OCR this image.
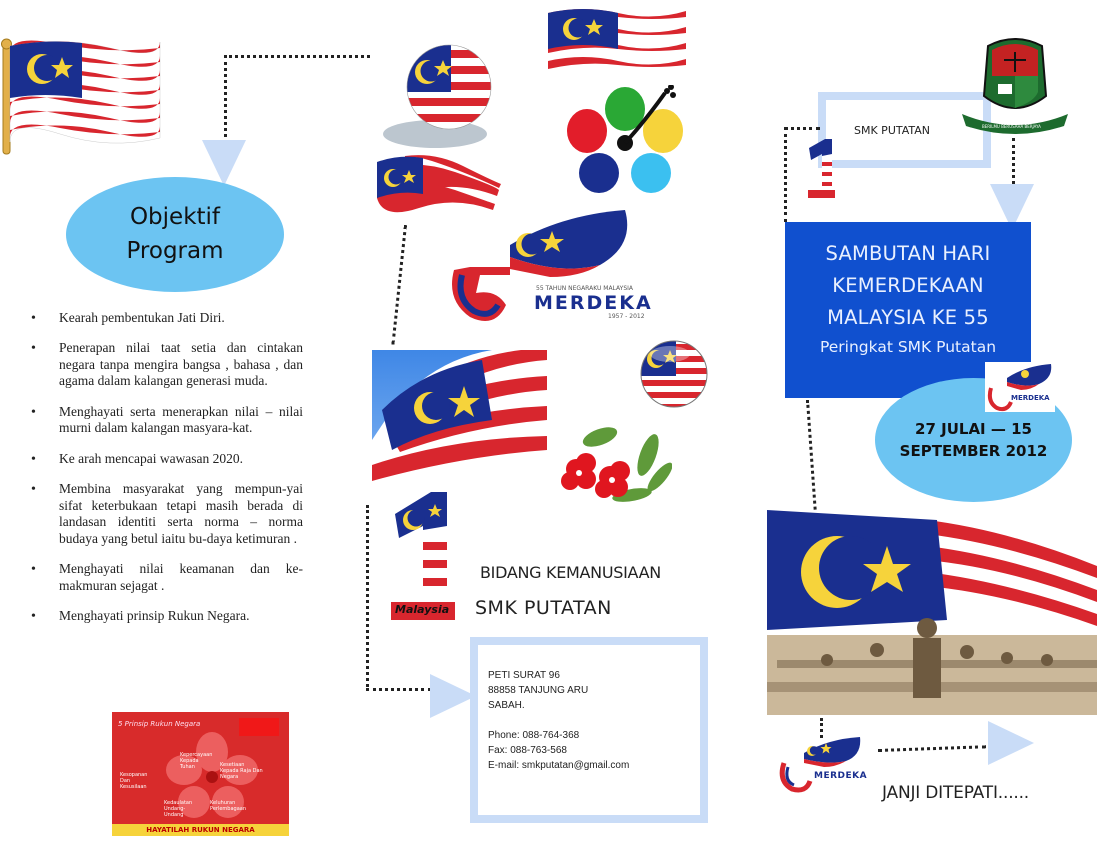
Objektif
Program
• Kearah pembentukan Jati Diri.
• Penerapan nilai taat setia dan cintakan negara tanpa mengira bangsa , bahasa , dan agama dalam kalangan generasi muda.
• Menghayati serta menerapkan nilai – nilai murni dalam kalangan masyara-kat.
• Ke arah mencapai wawasan 2020.
• Membina masyarakat yang mempun-yai sifat keterbukaan tetapi masih berada di landasan identiti serta norma – norma budaya yang betul iaitu bu-daya ketimuran .
• Menghayati nilai keamanan dan ke-makmuran sejagat .
• Menghayati prinsip Rukun Negara.
5 Prinsip Rukun Negara
Kepercayaan Kepada Tuhan	Kesetiaan Kepada Raja Dan Negara
Kesopanan Dan Kesusilaan
Kedaulatan Undang-Undang
Keluhuran Perlembagaan
HAYATILAH RUKUN NEGARA
55 TAHUN NEGARAKU MALAYSIA
MERDEKA
1957 - 2012
Malaysia
BIDANG KEMANUSIAAN
SMK PUTATAN
PETI SURAT 96
88858 TANJUNG ARU
SABAH.
Phone: 088-764-368
Fax: 088-763-568
E-mail: smkputatan@gmail.com
SMK PUTATAN
SMK PUTATAN
BERILMU BERUSAHA BERJAYA
SAMBUTAN HARI
KEMERDEKAAN
MALAYSIA KE 55
Peringkat SMK Putatan
27 JULAI — 15
SEPTEMBER 2012
MERDEKA
MERDEKA
JANJI DITEPATI......
